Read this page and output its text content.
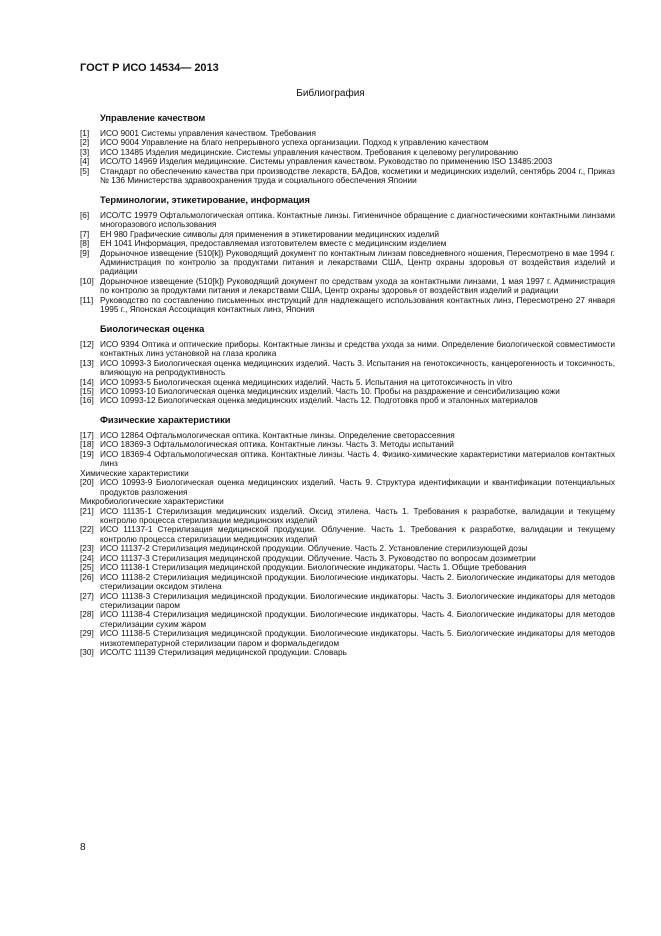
ГОСТ Р ИСО 14534— 2013
Библиография
Управление качеством
[1]	ИСО 9001 Системы управления качеством. Требования
[2]	ИСО 9004 Управление на благо непрерывного успеха организации. Подход к управлению качеством
[3]	ИСО 13485 Изделия медицинские. Системы управления качеством. Требования к целевому регулированию
[4]	ИСО/ТО 14969 Изделия медицинские. Системы управления качеством. Руководство по применению ISO 13485:2003
[5]	Стандарт по обеспечению качества при производстве лекарств, БАДов, косметики и медицинских изделий, сентябрь 2004 г., Приказ № 136 Министерства здравоохранения труда и социального обеспечения Японии
Терминологии, этикетирование, информация
[6]	ИСО/ТС 19979 Офтальмологическая оптика. Контактные линзы. Гигиеничное обращение с диагностическими контактными линзами многоразового использования
[7]	ЕН 980 Графические символы для применения в этикетировании медицинских изделий
[8]	ЕН 1041 Информация, предоставляемая изготовителем вместе с медицинским изделием
[9]	Дорыночное извещение (510[k]) Руководящий документ по контактным линзам повседневного ношения, Пересмотрено в мае 1994 г. Администрация по контролю за продуктами питания и лекарствами США, Центр охраны здоровья от воздействия изделий и радиации
[10] Дорыночное извещение (510[k]) Руководящий документ по средствам ухода за контактными линзами, 1 мая 1997 г. Администрация по контролю за продуктами питания и лекарствами США, Центр охраны здоровья от воздействия изделий и радиации
[11] Руководство по составлению письменных инструкций для надлежащего использования контактных линз, Пересмотрено 27 января 1995 г., Японская Ассоциация контактных линз, Япония
Биологическая оценка
[12] ИСО 9394 Оптика и оптические приборы. Контактные линзы и средства ухода за ними. Определение биологической совместимости контактных линз установкой на глаза кролика
[13] ИСО 10993-3 Биологическая оценка медицинских изделий. Часть 3. Испытания на генотоксичность, канцерогенность и токсичность, влияющую на репродуктивность
[14] ИСО 10993-5 Биологическая оценка медицинских изделий. Часть 5. Испытания на цитотоксичность in vitro
[15] ИСО 10993-10 Биологическая оценка медицинских изделий. Часть 10. Пробы на раздражение и сенсибилизацию кожи
[16] ИСО 10993-12 Биологическая оценка медицинских изделий. Часть 12. Подготовка проб и эталонных материалов
Физические характеристики
[17] ИСО 12864 Офтальмологическая оптика. Контактные линзы. Определение светорассеяния
[18] ИСО 18369-3 Офтальмологическая оптика. Контактные линзы. Часть 3. Методы испытаний
[19] ИСО 18369-4 Офтальмологическая оптика. Контактные линзы. Часть 4. Физико-химические характеристики материалов контактных линз
Химические характеристики
[20] ИСО 10993-9 Биологическая оценка медицинских изделий. Часть 9. Структура идентификации и квантификации потенциальных продуктов разложения
Микробиологические характеристики
[21] ИСО 11135-1 Стерилизация медицинских изделий. Оксид этилена. Часть 1. Требования к разработке, валидации и текущему контролю процесса стерилизации медицинских изделий
[22] ИСО 11137-1 Стерилизация медицинской продукции. Облучение. Часть 1. Требования к разработке, валидации и текущему контролю процесса стерилизации медицинских изделий
[23] ИСО 11137-2 Стерилизация медицинской продукции. Облучение. Часть 2. Установление стерилизующей дозы
[24] ИСО 11137-3 Стерилизация медицинской продукции. Облучение. Часть 3. Руководство по вопросам дозиметрии
[25] ИСО 11138-1 Стерилизация медицинской продукции. Биологические индикаторы. Часть 1. Общие требования
[26] ИСО 11138-2 Стерилизация медицинской продукции. Биологические индикаторы. Часть 2. Биологические индикаторы для методов стерилизации оксидом этилена
[27] ИСО 11138-3 Стерилизация медицинской продукции. Биологические индикаторы. Часть 3. Биологические индикаторы для методов стерилизации паром
[28] ИСО 11138-4 Стерилизация медицинской продукции. Биологические индикаторы. Часть 4. Биологические индикаторы для методов стерилизации сухим жаром
[29] ИСО 11138-5 Стерилизация медицинской продукции. Биологические индикаторы. Часть 5. Биологические индикаторы для методов низкотемпературной стерилизации паром и формальдегидом
[30] ИСО/ТС 11139 Стерилизация медицинской продукции. Словарь
8
